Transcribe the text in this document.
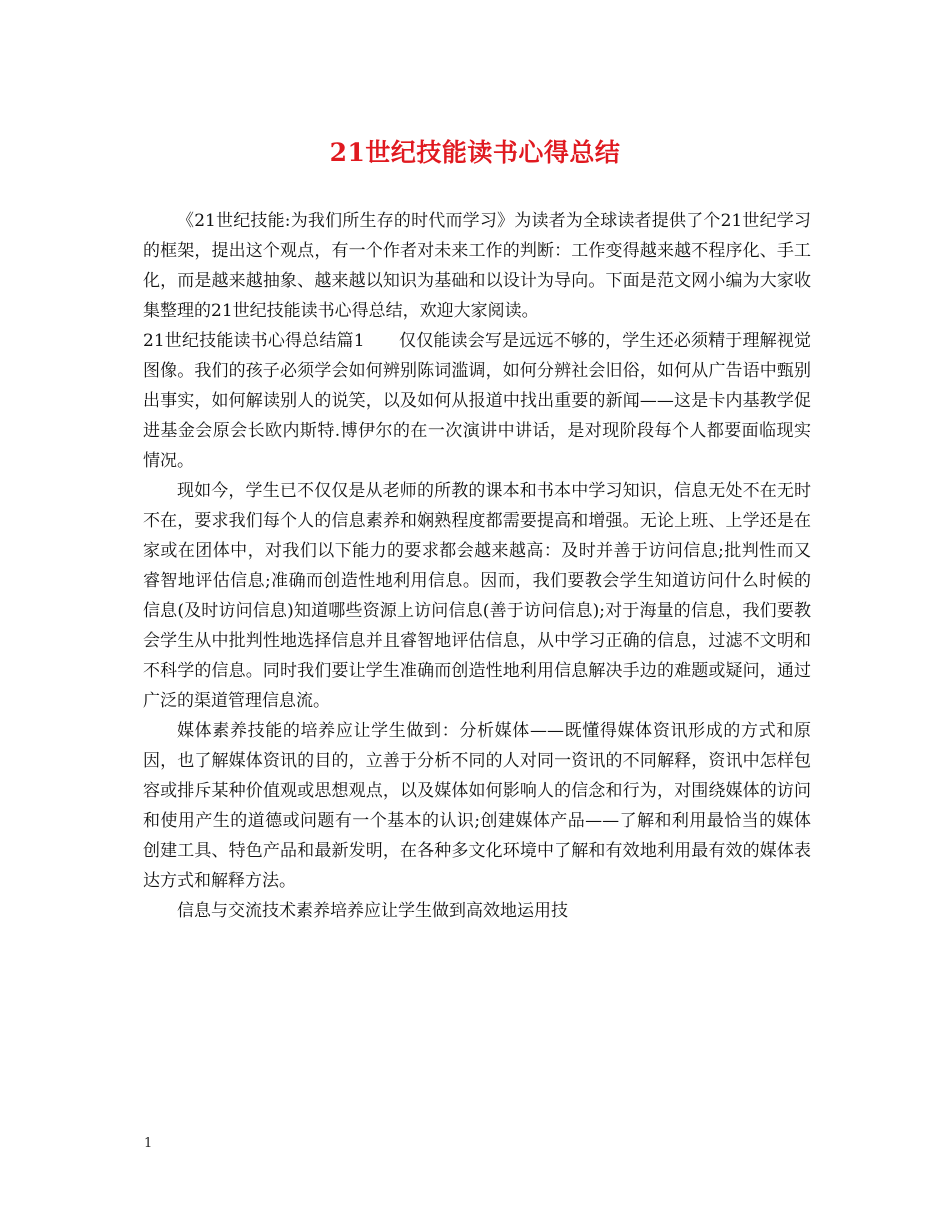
21世纪技能读书心得总结

《21世纪技能:为我们所生存的时代而学习》为读者为全球读者提供了个21世纪学习的框架，提出这个观点，有一个作者对未来工作的判断：工作变得越来越不程序化、手工化，而是越来越抽象、越来越以知识为基础和以设计为导向。下面是范文网小编为大家收集整理的21世纪技能读书心得总结，欢迎大家阅读。

21世纪技能读书心得总结篇1　　仅仅能读会写是远远不够的，学生还必须精于理解视觉图像。我们的孩子必须学会如何辨别陈词滥调，如何分辨社会旧俗，如何从广告语中甄别出事实，如何解读别人的说笑，以及如何从报道中找出重要的新闻——这是卡内基教学促进基金会原会长欧内斯特.博伊尔的在一次演讲中讲话，是对现阶段每个人都要面临现实情况。

现如今，学生已不仅仅是从老师的所教的课本和书本中学习知识，信息无处不在无时不在，要求我们每个人的信息素养和娴熟程度都需要提高和增强。无论上班、上学还是在家或在团体中，对我们以下能力的要求都会越来越高：及时并善于访问信息;批判性而又睿智地评估信息;准确而创造性地利用信息。因而，我们要教会学生知道访问什么时候的信息(及时访问信息)知道哪些资源上访问信息(善于访问信息);对于海量的信息，我们要教会学生从中批判性地选择信息并且睿智地评估信息，从中学习正确的信息，过滤不文明和不科学的信息。同时我们要让学生准确而创造性地利用信息解决手边的难题或疑问，通过广泛的渠道管理信息流。

媒体素养技能的培养应让学生做到：分析媒体——既懂得媒体资讯形成的方式和原因，也了解媒体资讯的目的，立善于分析不同的人对同一资讯的不同解释，资讯中怎样包容或排斥某种价值观或思想观点，以及媒体如何影响人的信念和行为，对围绕媒体的访问和使用产生的道德或问题有一个基本的认识;创建媒体产品——了解和利用最恰当的媒体创建工具、特色产品和最新发明，在各种多文化环境中了解和有效地利用最有效的媒体表达方式和解释方法。

信息与交流技术素养培养应让学生做到高效地运用技

1
